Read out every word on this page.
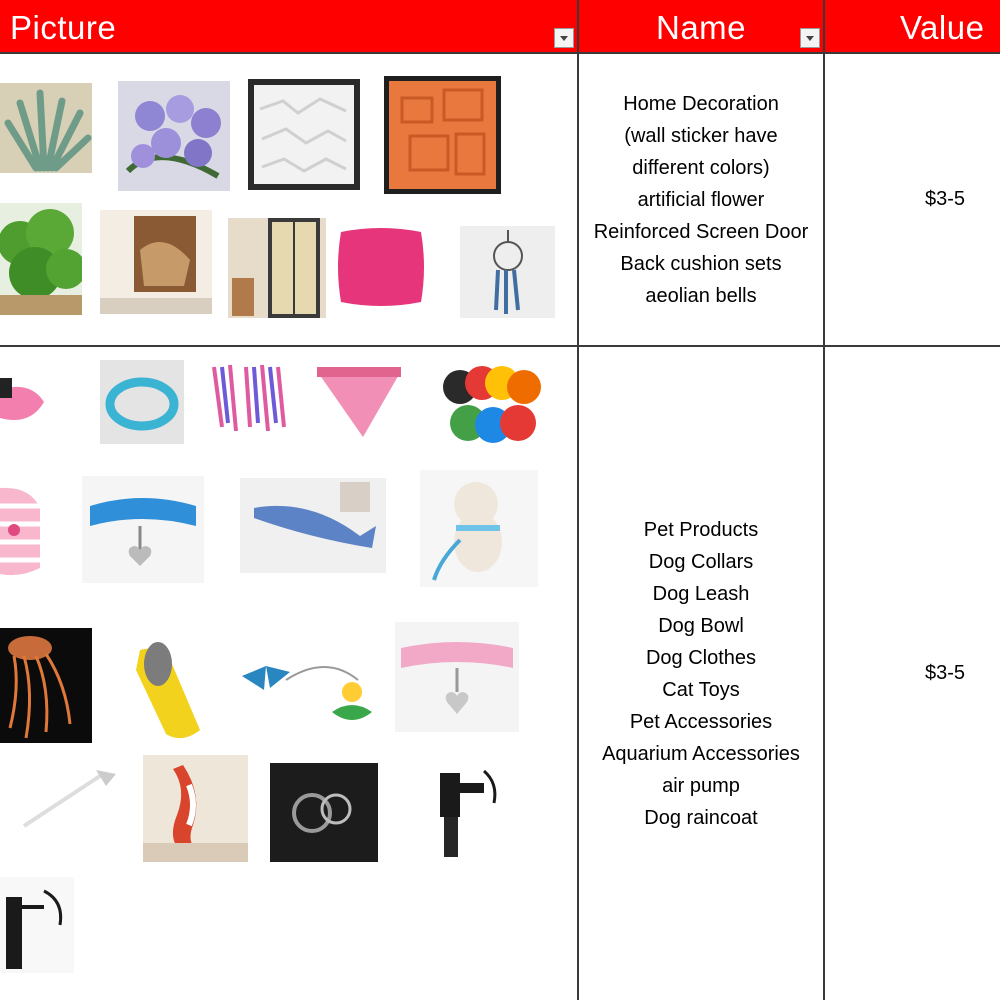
Picture	Name	Value
Home Decoration
(wall sticker have
different colors)
artificial flower
Reinforced Screen Door
Back cushion sets
aeolian bells
$3-5
Pet Products
Dog Collars
Dog Leash
Dog Bowl
Dog Clothes
Cat Toys
Pet Accessories
Aquarium Accessories
air pump
Dog raincoat
$3-5
